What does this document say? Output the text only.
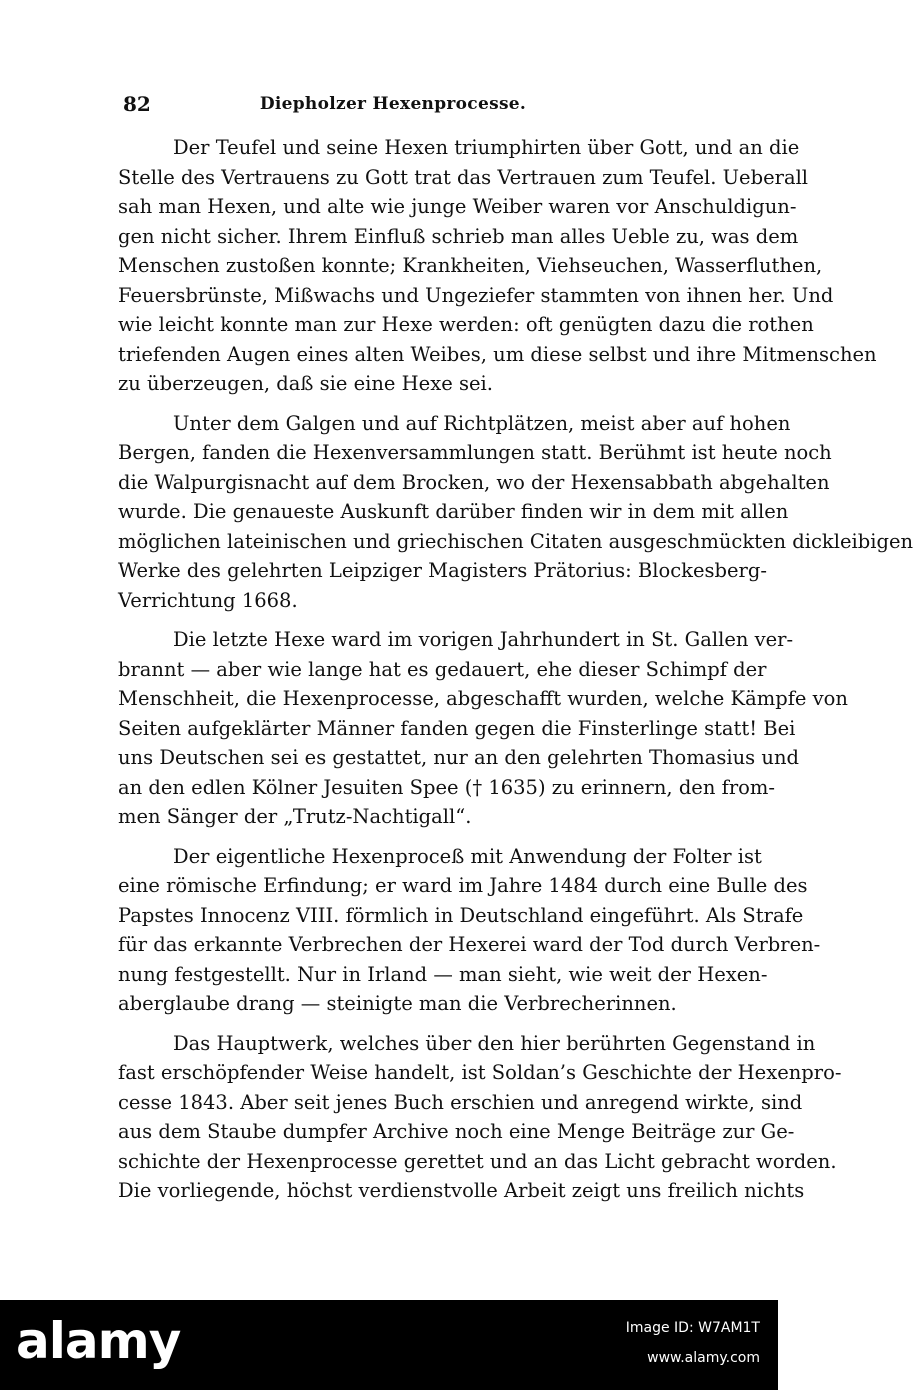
82	Diepholzer Hexenprocesse.
Der Teufel und seine Hexen triumphirten über Gott, und an die
Stelle des Vertrauens zu Gott trat das Vertrauen zum Teufel. Ueberall
sah man Hexen, und alte wie junge Weiber waren vor Anschuldigun-
gen nicht sicher. Ihrem Einfluß schrieb man alles Ueble zu, was dem
Menschen zustoßen konnte; Krankheiten, Viehseuchen, Wasserfluthen,
Feuersbrünste, Mißwachs und Ungeziefer stammten von ihnen her. Und
wie leicht konnte man zur Hexe werden: oft genügten dazu die rothen
triefenden Augen eines alten Weibes, um diese selbst und ihre Mitmenschen
zu überzeugen, daß sie eine Hexe sei.
Unter dem Galgen und auf Richtplätzen, meist aber auf hohen
Bergen, fanden die Hexenversammlungen statt. Berühmt ist heute noch
die Walpurgisnacht auf dem Brocken, wo der Hexensabbath abgehalten
wurde. Die genaueste Auskunft darüber finden wir in dem mit allen
möglichen lateinischen und griechischen Citaten ausgeschmückten dickleibigen
Werke des gelehrten Leipziger Magisters Prätorius: Blockesberg-
Verrichtung 1668.
Die letzte Hexe ward im vorigen Jahrhundert in St. Gallen ver-
brannt — aber wie lange hat es gedauert, ehe dieser Schimpf der
Menschheit, die Hexenprocesse, abgeschafft wurden, welche Kämpfe von
Seiten aufgeklärter Männer fanden gegen die Finsterlinge statt! Bei
uns Deutschen sei es gestattet, nur an den gelehrten Thomasius und
an den edlen Kölner Jesuiten Spee († 1635) zu erinnern, den from-
men Sänger der „Trutz-Nachtigall“.
Der eigentliche Hexenproceß mit Anwendung der Folter ist
eine römische Erfindung; er ward im Jahre 1484 durch eine Bulle des
Papstes Innocenz VIII. förmlich in Deutschland eingeführt. Als Strafe
für das erkannte Verbrechen der Hexerei ward der Tod durch Verbren-
nung festgestellt. Nur in Irland — man sieht, wie weit der Hexen-
aberglaube drang — steinigte man die Verbrecherinnen.
Das Hauptwerk, welches über den hier berührten Gegenstand in
fast erschöpfender Weise handelt, ist Soldan’s Geschichte der Hexenpro-
cesse 1843. Aber seit jenes Buch erschien und anregend wirkte, sind
aus dem Staube dumpfer Archive noch eine Menge Beiträge zur Ge-
schichte der Hexenprocesse gerettet und an das Licht gebracht worden.
Die vorliegende, höchst verdienstvolle Arbeit zeigt uns freilich nichts
alamy	Image ID: W7AM1T
www.alamy.com
